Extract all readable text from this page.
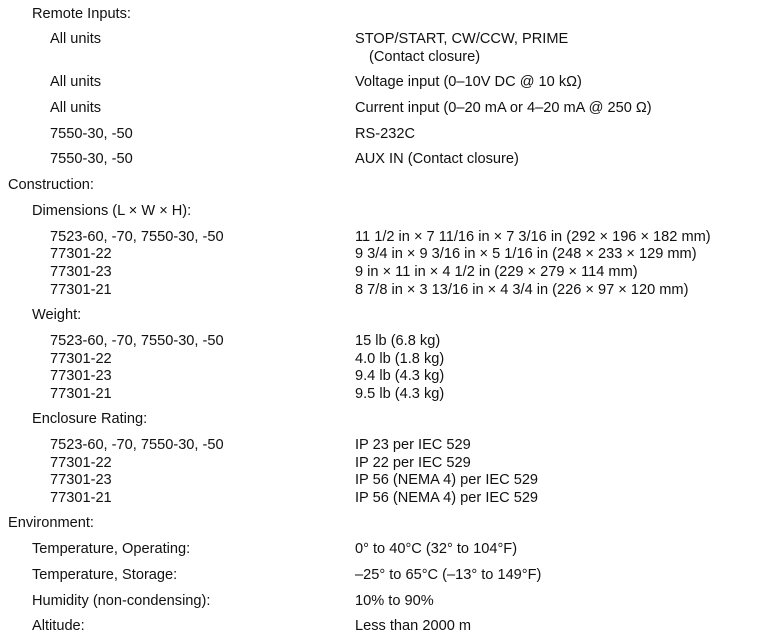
Remote Inputs:
All units	STOP/START, CW/CCW, PRIME
(Contact closure)
All units	Voltage input (0–10V DC @ 10 kΩ)
All units	Current input (0–20 mA or 4–20 mA @ 250 Ω)
7550-30, -50	RS-232C
7550-30, -50	AUX IN (Contact closure)
Construction:
Dimensions (L × W × H):
7523-60, -70, 7550-30, -50	11 1/2 in × 7 11/16 in × 7 3/16 in (292 × 196 × 182 mm)
77301-22	9 3/4 in × 9 3/16 in × 5 1/16 in (248 × 233 × 129 mm)
77301-23	9 in × 11 in × 4 1/2 in (229 × 279 × 114 mm)
77301-21	8 7/8 in × 3 13/16 in × 4 3/4 in (226 × 97 × 120 mm)
Weight:
7523-60, -70, 7550-30, -50	15 lb (6.8 kg)
77301-22	4.0 lb (1.8 kg)
77301-23	9.4 lb (4.3 kg)
77301-21	9.5 lb (4.3 kg)
Enclosure Rating:
7523-60, -70, 7550-30, -50	IP 23 per IEC 529
77301-22	IP 22 per IEC 529
77301-23	IP 56 (NEMA 4) per IEC 529
77301-21	IP 56 (NEMA 4) per IEC 529
Environment:
Temperature, Operating:	0° to 40°C (32° to 104°F)
Temperature, Storage:	–25° to 65°C (–13° to 149°F)
Humidity (non-condensing):	10% to 90%
Altitude:	Less than 2000 m
